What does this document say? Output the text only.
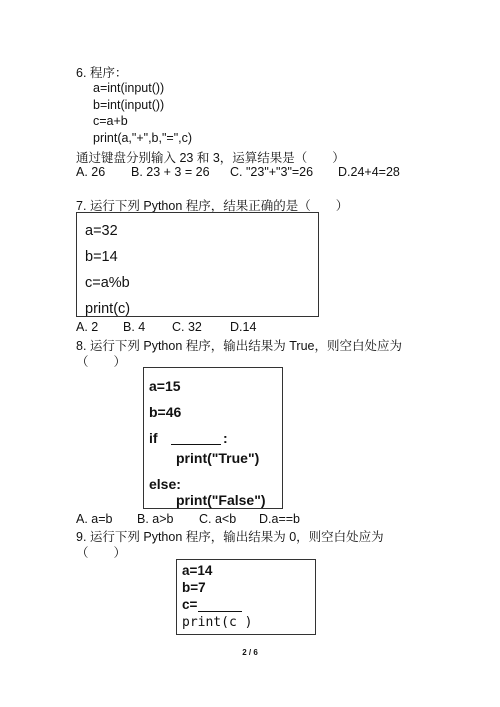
6. 程序：
a=int(input())
b=int(input())
c=a+b
print(a,"+",b,"=",c)
通过键盘分别输入 23 和 3，运算结果是（　　）
A. 26 B. 23 + 3 = 26 C. "23"+"3"=26 D.24+4=28
7. 运行下列 Python 程序，结果正确的是（　　）
a=32
b=14
c=a%b
print(c)
A. 2 B. 4 C. 32 D.14
8. 运行下列 Python 程序，输出结果为 True，则空白处应为
（　　）
a=15
b=46
if	:
print("True")
else:
print("False")
A. a=b B. a>b C. a<b D.a==b
9. 运行下列 Python 程序，输出结果为 0，则空白处应为
（　　）
a=14
b=7
c=
print(c )
2 / 6
